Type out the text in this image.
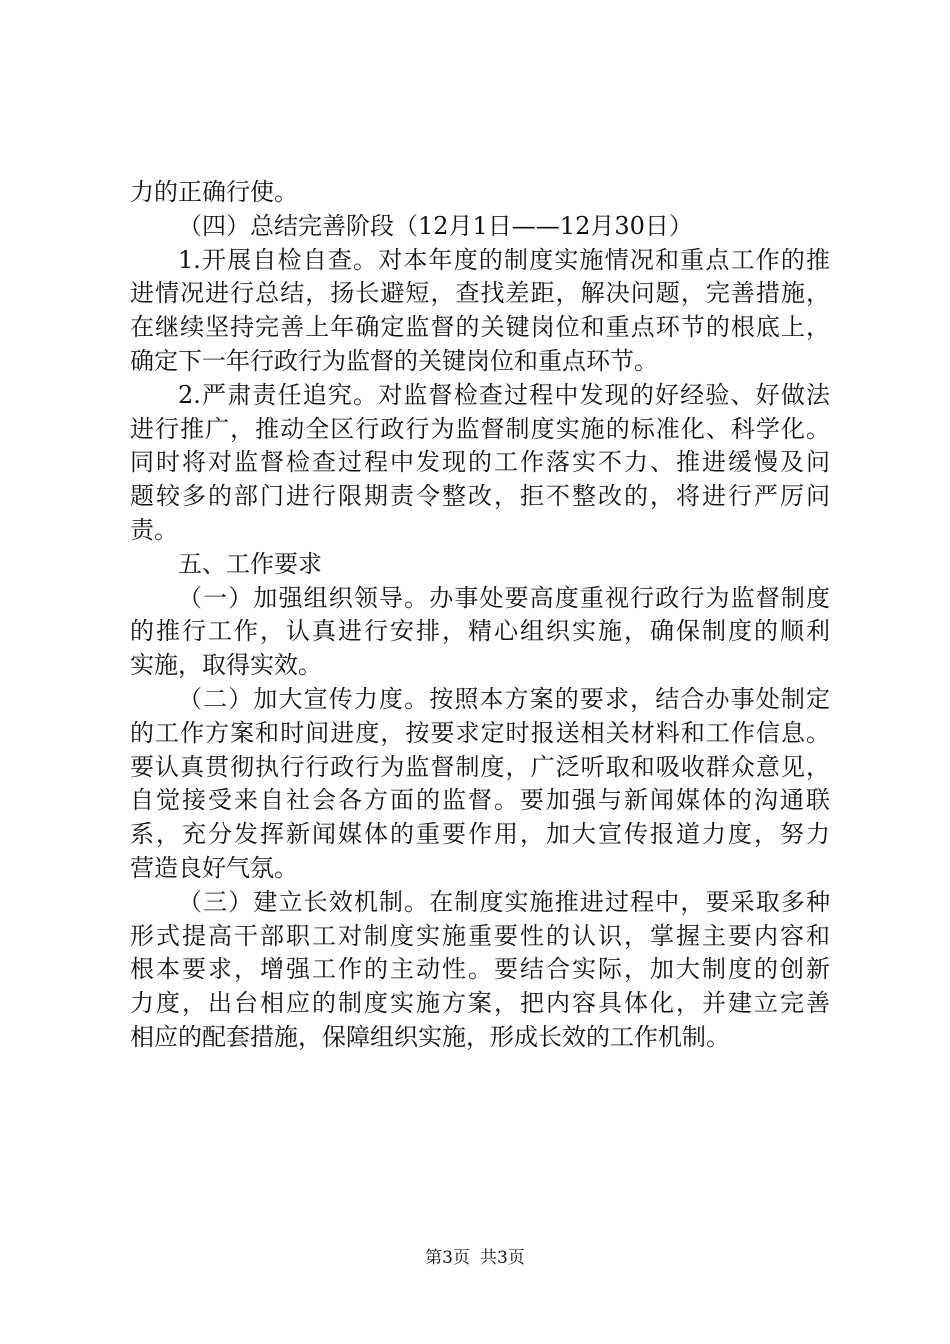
力的正确行使。
（四）总结完善阶段（12月1日——12月30日）
1.开展自检自查。对本年度的制度实施情况和重点工作的推
进情况进行总结，扬长避短，查找差距，解决问题，完善措施，
在继续坚持完善上年确定监督的关键岗位和重点环节的根底上，
确定下一年行政行为监督的关键岗位和重点环节。
2.严肃责任追究。对监督检查过程中发现的好经验、好做法
进行推广，推动全区行政行为监督制度实施的标准化、科学化。
同时将对监督检查过程中发现的工作落实不力、推进缓慢及问
题较多的部门进行限期责令整改，拒不整改的，将进行严厉问
责。
五、工作要求
（一）加强组织领导。办事处要高度重视行政行为监督制度
的推行工作，认真进行安排，精心组织实施，确保制度的顺利
实施，取得实效。
（二）加大宣传力度。按照本方案的要求，结合办事处制定
的工作方案和时间进度，按要求定时报送相关材料和工作信息。
要认真贯彻执行行政行为监督制度，广泛听取和吸收群众意见，
自觉接受来自社会各方面的监督。要加强与新闻媒体的沟通联
系，充分发挥新闻媒体的重要作用，加大宣传报道力度，努力
营造良好气氛。
（三）建立长效机制。在制度实施推进过程中，要采取多种
形式提高干部职工对制度实施重要性的认识，掌握主要内容和
根本要求，增强工作的主动性。要结合实际，加大制度的创新
力度，出台相应的制度实施方案，把内容具体化，并建立完善
相应的配套措施，保障组织实施，形成长效的工作机制。
第3页 共3页
